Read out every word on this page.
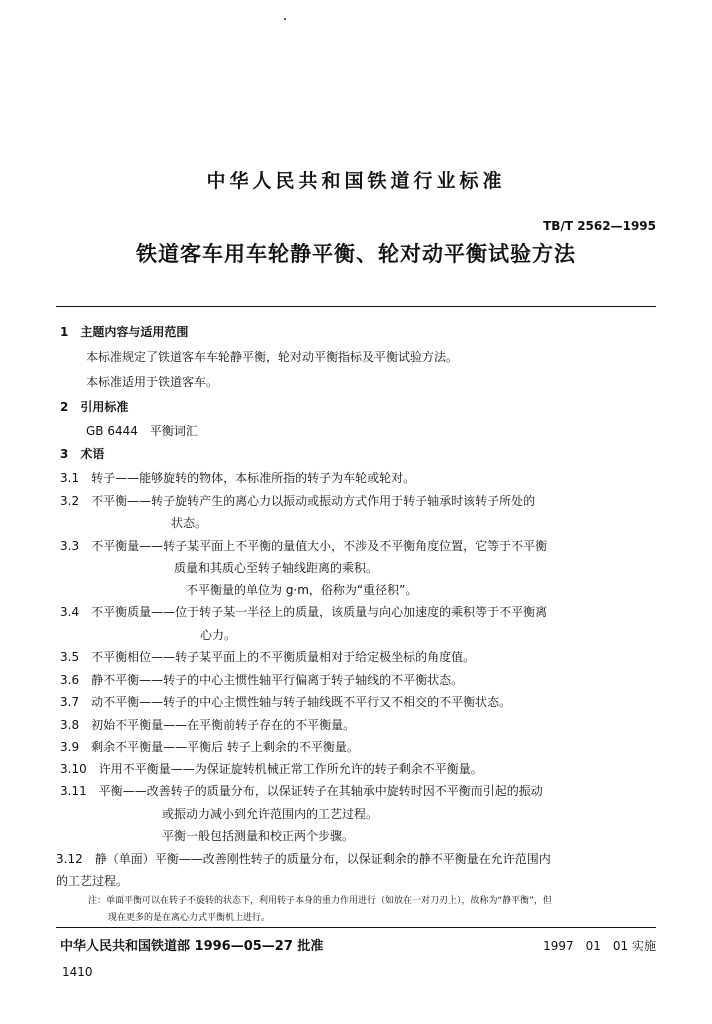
中华人民共和国铁道行业标准
TB/T 2562—1995
铁道客车用车轮静平衡、轮对动平衡试验方法
1　主题内容与适用范围
本标准规定了铁道客车车轮静平衡，轮对动平衡指标及平衡试验方法。
本标准适用于铁道客车。
2　引用标准
GB 6444　平衡词汇
3　术语
3.1　转子——能够旋转的物体，本标准所指的转子为车轮或轮对。
3.2　不平衡——转子旋转产生的离心力以振动或振动方式作用于转子轴承时该转子所处的
状态。
3.3　不平衡量——转子某平面上不平衡的量值大小，不涉及不平衡角度位置，它等于不平衡
质量和其质心至转子轴线距离的乘积。
不平衡量的单位为 g·m，俗称为“重径积”。
3.4　不平衡质量——位于转子某一半径上的质量，该质量与向心加速度的乘积等于不平衡离
心力。
3.5　不平衡相位——转子某平面上的不平衡质量相对于给定极坐标的角度值。
3.6　静不平衡——转子的中心主惯性轴平行偏离于转子轴线的不平衡状态。
3.7　动不平衡——转子的中心主惯性轴与转子轴线既不平行又不相交的不平衡状态。
3.8　初始不平衡量——在平衡前转子存在的不平衡量。
3.9　剩余不平衡量——平衡后 转子上剩余的不平衡量。
3.10　许用不平衡量——为保证旋转机械正常工作所允许的转子剩余不平衡量。
3.11　平衡——改善转子的质量分布，以保证转子在其轴承中旋转时因不平衡而引起的振动
或振动力减小到允许范围内的工艺过程。
平衡一般包括测量和校正两个步骤。
3.12　静（单面）平衡——改善刚性转子的质量分布，以保证剩余的静不平衡量在允许范围内
的工艺过程。
注：单面平衡可以在转子不旋转的状态下，利用转子本身的重力作用进行（如放在一对刀刃上），故称为“静平衡”，但
现在更多的是在离心力式平衡机上进行。
中华人民共和国铁道部 1996—05—27 批准	1997　01　01 实施
1410
